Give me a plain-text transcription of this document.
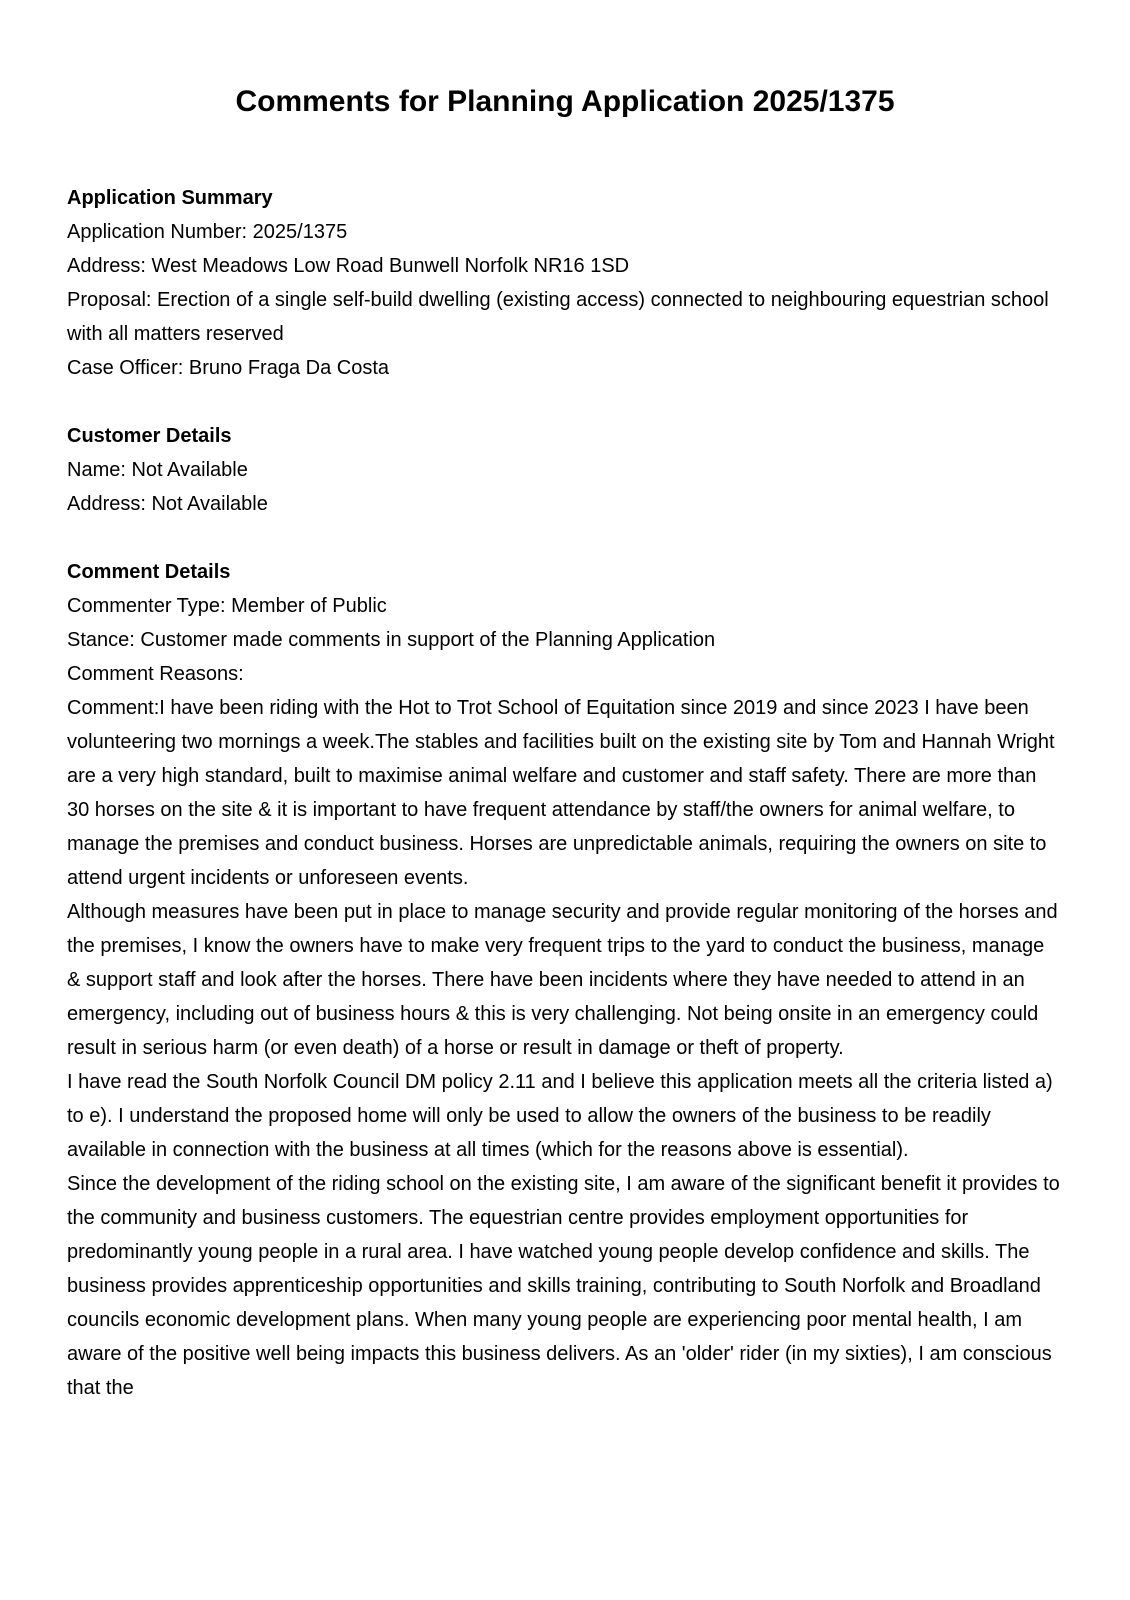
Comments for Planning Application 2025/1375
Application Summary

Application Number: 2025/1375

Address: West Meadows Low Road Bunwell Norfolk NR16 1SD

Proposal: Erection of a single self-build dwelling (existing access) connected to neighbouring equestrian school with all matters reserved

Case Officer: Bruno Fraga Da Costa

Customer Details

Name: Not Available

Address: Not Available

Comment Details

Commenter Type: Member of Public

Stance: Customer made comments in support of the Planning Application

Comment Reasons:

Comment:I have been riding with the Hot to Trot School of Equitation since 2019 and since 2023 I have been volunteering two mornings a week.The stables and facilities built on the existing site by Tom and Hannah Wright are a very high standard, built to maximise animal welfare and customer and staff safety. There are more than 30 horses on the site & it is important to have frequent attendance by staff/the owners for animal welfare, to manage the premises and conduct business. Horses are unpredictable animals, requiring the owners on site to attend urgent incidents or unforeseen events.

Although measures have been put in place to manage security and provide regular monitoring of the horses and the premises, I know the owners have to make very frequent trips to the yard to conduct the business, manage & support staff and look after the horses. There have been incidents where they have needed to attend in an emergency, including out of business hours & this is very challenging. Not being onsite in an emergency could result in serious harm (or even death) of a horse or result in damage or theft of property.

I have read the South Norfolk Council DM policy 2.11 and I believe this application meets all the criteria listed a) to e). I understand the proposed home will only be used to allow the owners of the business to be readily available in connection with the business at all times (which for the reasons above is essential).

Since the development of the riding school on the existing site, I am aware of the significant benefit it provides to the community and business customers. The equestrian centre provides employment opportunities for predominantly young people in a rural area. I have watched young people develop confidence and skills. The business provides apprenticeship opportunities and skills training, contributing to South Norfolk and Broadland councils economic development plans. When many young people are experiencing poor mental health, I am aware of the positive well being impacts this business delivers. As an 'older' rider (in my sixties), I am conscious that the
